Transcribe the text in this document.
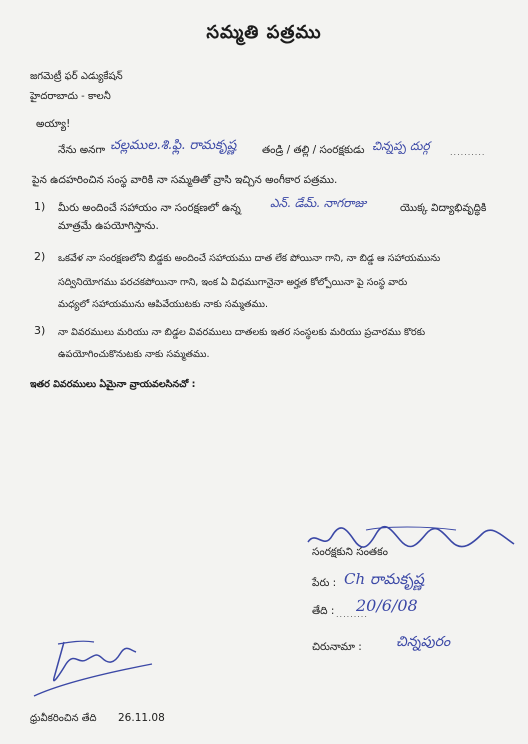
సమ్మతి పత్రము
జగమెట్రీ ఫర్ ఎడ్యుకేషన్
హైదరాబాదు - కాలనీ
అయ్యా!
నేను అనగా చల్లముల.శి.ఫ్లి. రామకృష్ణ తండ్రి / తల్లి / సంరక్షకుడు చిన్నప్ప దుర్గ	..........
పైన ఉదహరించిన సంస్థ వారికి నా సమ్మతితో వ్రాసి ఇచ్చిన అంగీకార పత్రము.
1) మీరు అందించే సహాయం నా సంరక్షణలో ఉన్న ఎన్. డేమ్. నాగరాజు	యొక్క విద్యాభివృద్ధికి
మాత్రమే ఉపయోగిస్తాను.
2) ఒకవేళ నా సంరక్షణలోని బిడ్డకు అందించే సహాయము దాత లేక పోయినా గాని, నా బిడ్డ ఆ సహాయమును
సద్వినియోగము పరచకపోయినా గాని, ఇంక ఏ విధముగానైనా అర్హత కోల్పోయినా పై సంస్థ వారు
మధ్యలో సహాయమును ఆపివేయుటకు నాకు సమ్మతము.
3) నా వివరములు మరియు నా బిడ్డల వివరములు దాతలకు ఇతర సంస్థలకు మరియు ప్రచారము కొరకు
ఉపయోగించుకొనుటకు నాకు సమ్మతము.
ఇతర వివరములు ఏమైనా వ్రాయవలసినచో :
సంరక్షకుని సంతకం
పేరు : Ch రామకృష్ణ
తేది : 20/6/08
.........
చిరునామా : చిన్నపురం
ధ్రువీకరించిన తేది 26.11.08
